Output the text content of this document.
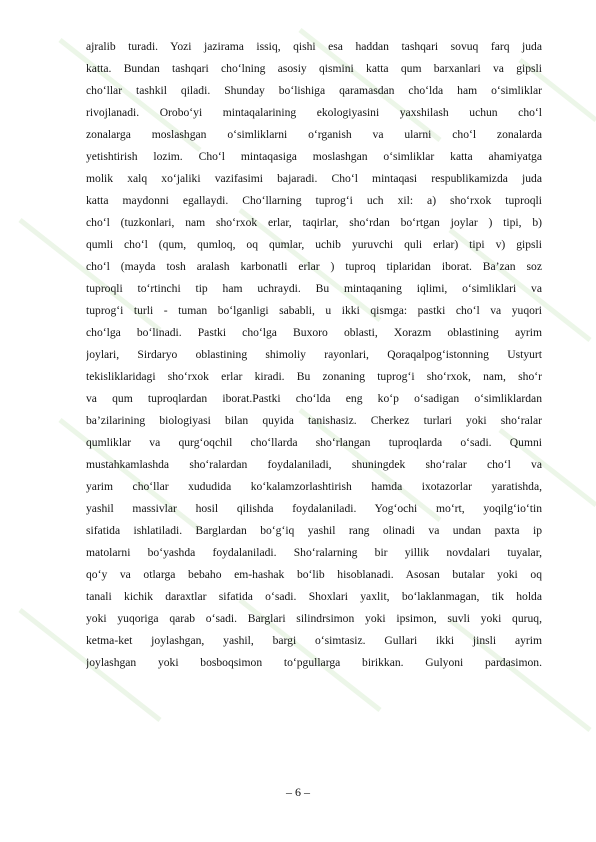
ajralib turadi. Yozi jazirama issiq, qishi esa haddan tashqari sovuq farq juda
katta. Bundan tashqari cho‘lning asosiy qismini katta qum barxanlari va gipsli
cho‘llar tashkil qiladi. Shunday bo‘lishiga qaramasdan cho‘lda ham o‘simliklar
rivojlanadi. Orobo‘yi mintaqalarining ekologiyasini yaxshilash uchun cho‘l
zonalarga moslashgan o‘simliklarni o‘rganish va ularni cho‘l zonalarda
yetishtirish lozim. Cho‘l mintaqasiga moslashgan o‘simliklar katta ahamiyatga
molik xalq xo‘jaliki vazifasimi bajaradi. Cho‘l mintaqasi respublikamizda juda
katta maydonni egallaydi. Cho‘llarning tuprog‘i uch xil: a) sho‘rxok tuproqli
cho‘l (tuzkonlari, nam sho‘rxok erlar, taqirlar, sho‘rdan bo‘rtgan joylar ) tipi, b)
qumli cho‘l (qum, qumloq, oq qumlar, uchib yuruvchi quli erlar) tipi v) gipsli
cho‘l (mayda tosh aralash karbonatli erlar ) tuproq tiplaridan iborat. Ba’zan soz
tuproqli to‘rtinchi tip ham uchraydi. Bu mintaqaning iqlimi, o‘simliklari va
tuprog‘i turli - tuman bo‘lganligi sababli, u ikki qismga: pastki cho‘l va yuqori
cho‘lga bo‘linadi. Pastki cho‘lga Buxoro oblasti, Xorazm oblastining ayrim
joylari, Sirdaryo oblastining shimoliy rayonlari, Qoraqalpog‘istonning Ustyurt
tekisliklaridagi sho‘rxok erlar kiradi. Bu zonaning tuprog‘i sho‘rxok, nam, sho‘r
va qum tuproqlardan iborat.Pastki cho‘lda eng ko‘p o‘sadigan o‘simliklardan
ba’zilarining biologiyasi bilan quyida tanishasiz. Cherkez turlari yoki sho‘ralar
qumliklar va qurg‘oqchil cho‘llarda sho‘rlangan tuproqlarda o‘sadi. Qumni
mustahkamlashda sho‘ralardan foydalaniladi, shuningdek sho‘ralar cho‘l va
yarim cho‘llar xududida ko‘kalamzorlashtirish hamda ixotazorlar yaratishda,
yashil massivlar hosil qilishda foydalaniladi. Yog‘ochi mo‘rt, yoqilg‘io‘tin
sifatida ishlatiladi. Barglardan bo‘g‘iq yashil rang olinadi va undan paxta ip
matolarni bo‘yashda foydalaniladi. Sho‘ralarning bir yillik novdalari tuyalar,
qo‘y va otlarga bebaho em-hashak bo‘lib hisoblanadi. Asosan butalar yoki oq
tanali kichik daraxtlar sifatida o‘sadi. Shoxlari yaxlit, bo‘laklanmagan, tik holda
yoki yuqoriga qarab o‘sadi. Barglari silindrsimon yoki ipsimon, suvli yoki quruq,
ketma-ket joylashgan, yashil, bargi o‘simtasiz. Gullari ikki jinsli ayrim
joylashgan yoki bosboqsimon to‘pgullarga birikkan. Gulyoni pardasimon.
– 6 –
